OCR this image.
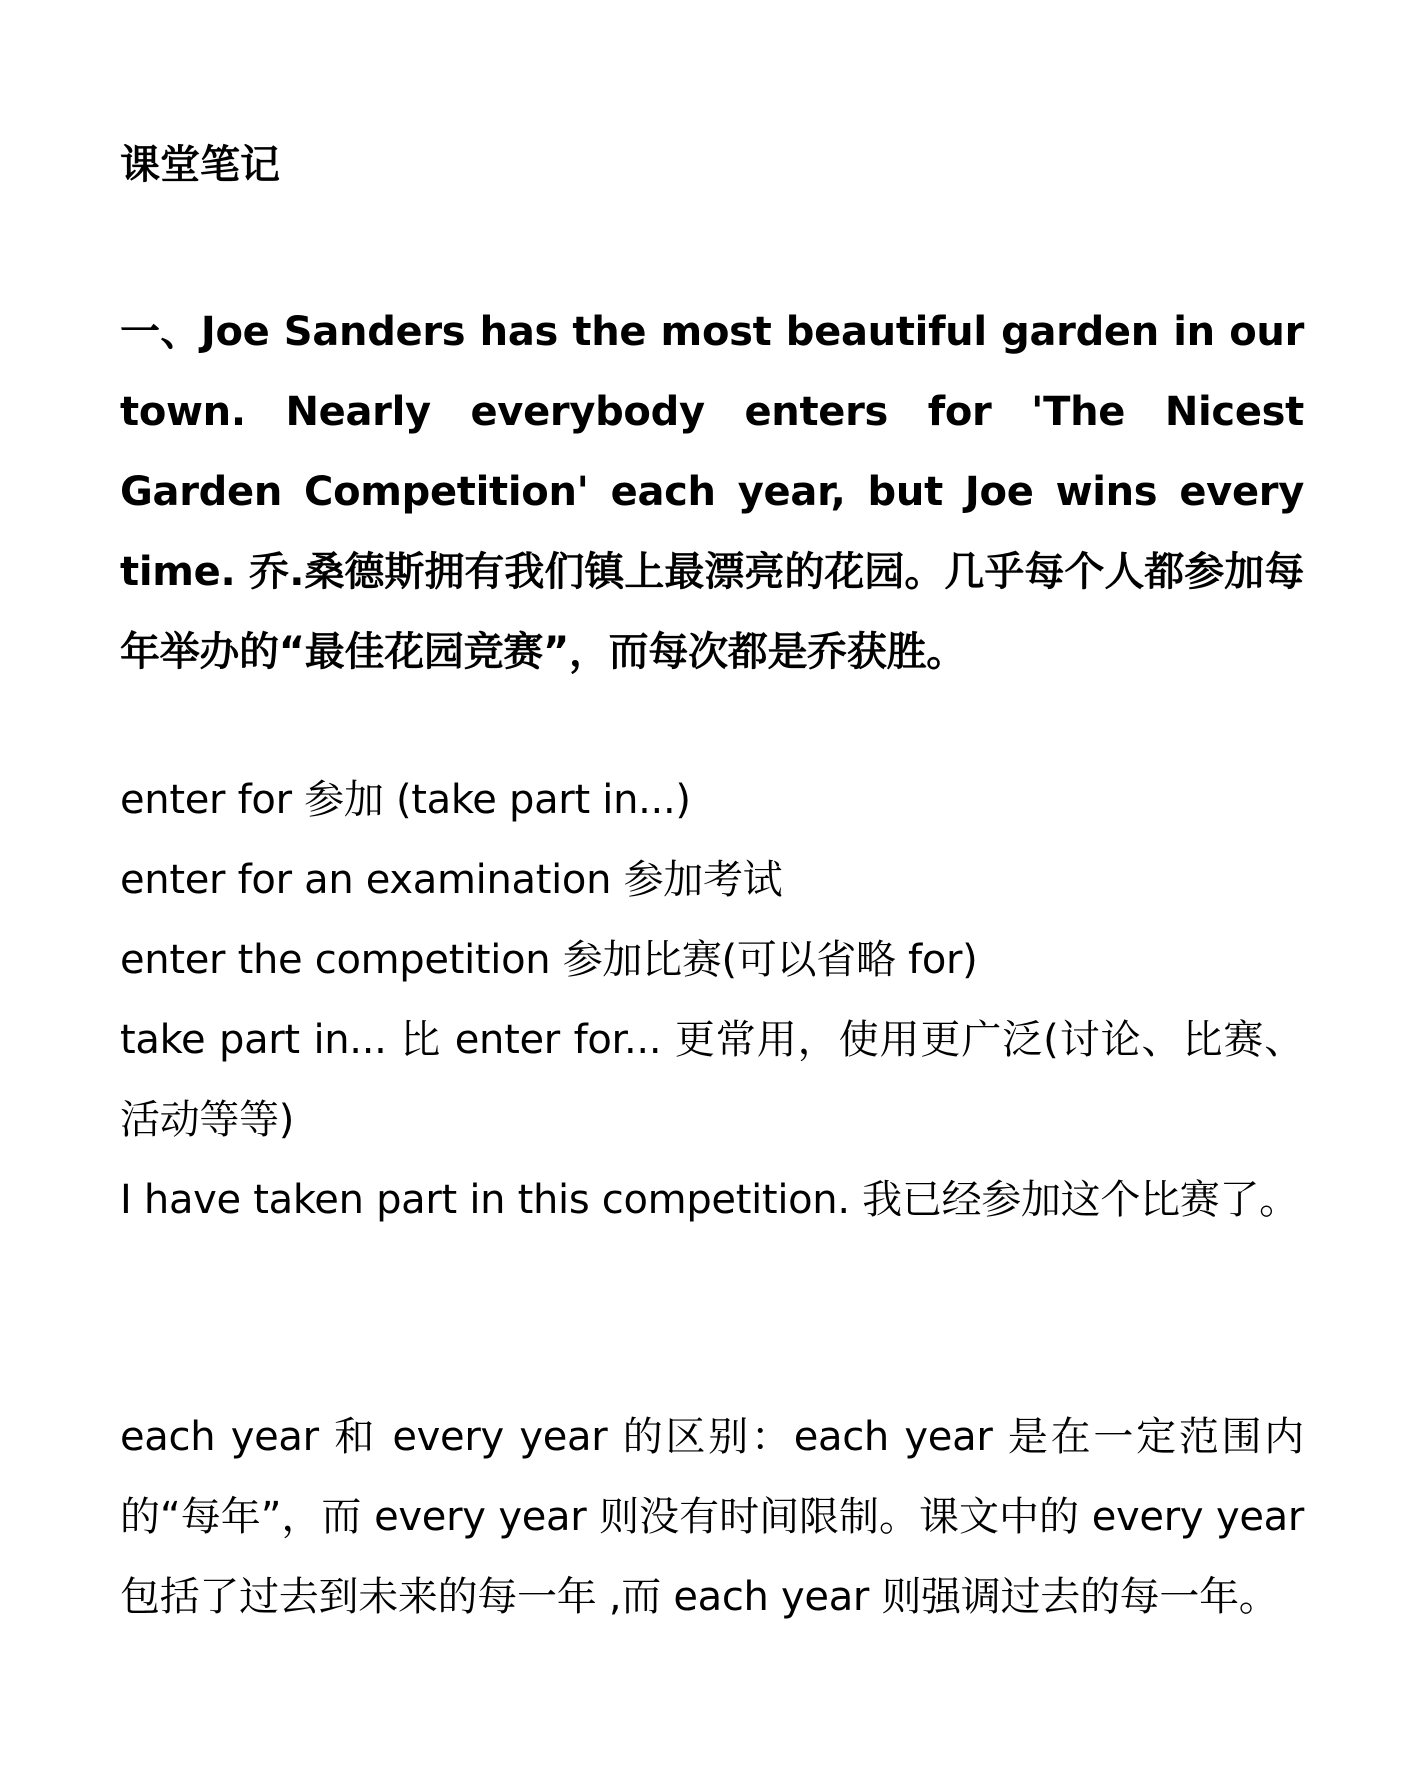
课堂笔记
一、Joe Sanders has the most beautiful garden in our town. Nearly everybody enters for 'The Nicest Garden Competition' each year, but Joe wins every time. 乔.桑德斯拥有我们镇上最漂亮的花园。几乎每个人都参加每年举办的“最佳花园竞赛”，而每次都是乔获胜。
enter for 参加 (take part in...)
enter for an examination 参加考试
enter the competition 参加比赛(可以省略 for)
take part in... 比 enter for... 更常用，使用更广泛(讨论、比赛、活动等等)
I have taken part in this competition. 我已经参加这个比赛了。
each year 和 every year 的区别：each year 是在一定范围内的“每年”，而 every year 则没有时间限制。课文中的 every year 包括了过去到未来的每一年 ,而 each year 则强调过去的每一年。
